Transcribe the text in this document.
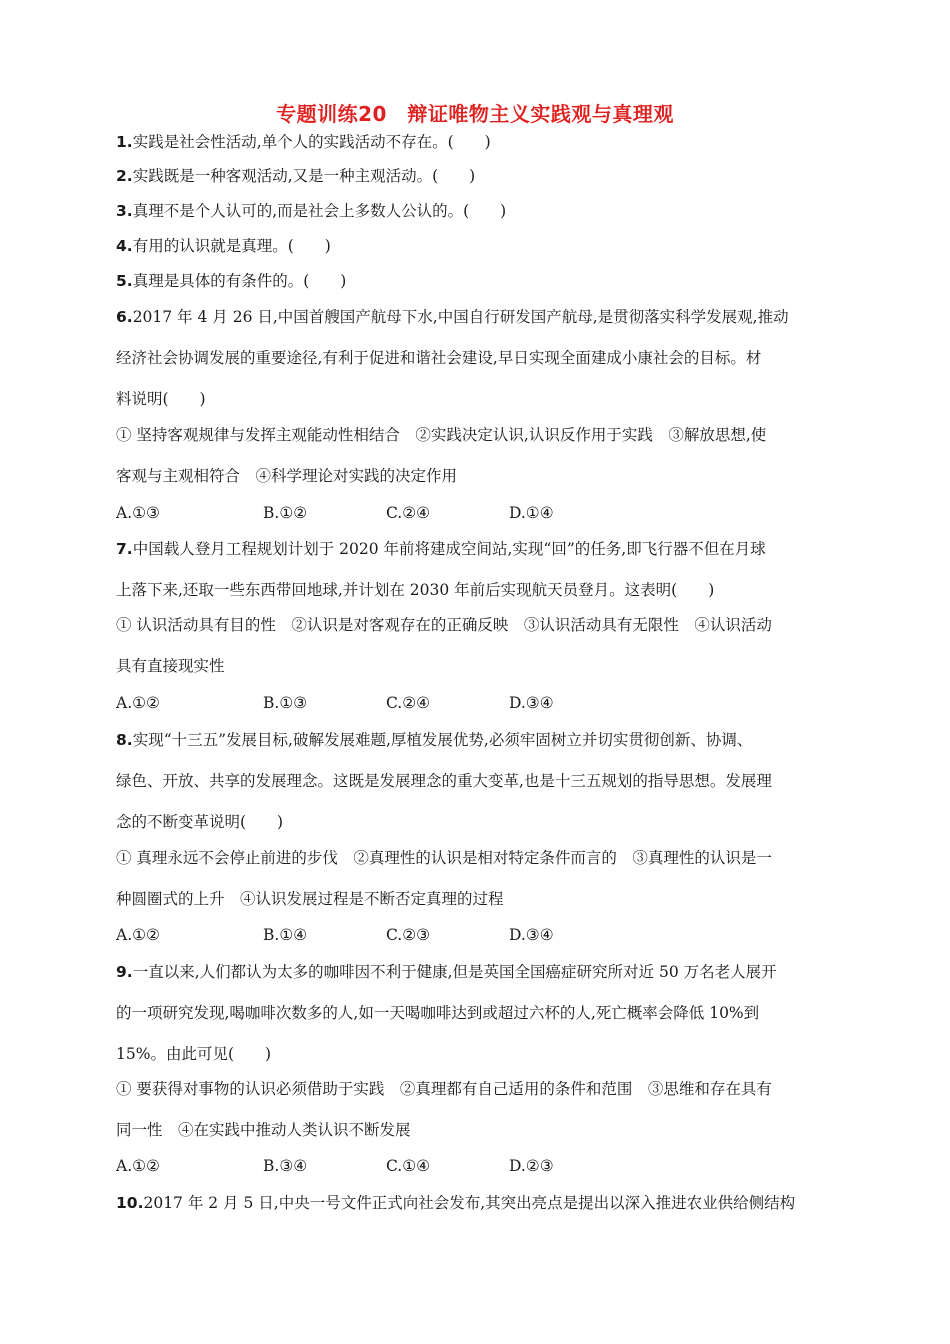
专题训练20　辩证唯物主义实践观与真理观
1.实践是社会性活动,单个人的实践活动不存在。(　　)
2.实践既是一种客观活动,又是一种主观活动。(　　)
3.真理不是个人认可的,而是社会上多数人公认的。(　　)
4.有用的认识就是真理。(　　)
5.真理是具体的有条件的。(　　)
6.2017 年 4 月 26 日,中国首艘国产航母下水,中国自行研发国产航母,是贯彻落实科学发展观,推动
经济社会协调发展的重要途径,有利于促进和谐社会建设,早日实现全面建成小康社会的目标。材
料说明(　　)
① 坚持客观规律与发挥主观能动性相结合　②实践决定认识,认识反作用于实践　③解放思想,使
客观与主观相符合　④科学理论对实践的决定作用
A.①③	B.①②	C.②④	D.①④
7.中国载人登月工程规划计划于 2020 年前将建成空间站,实现“回”的任务,即飞行器不但在月球
上落下来,还取一些东西带回地球,并计划在 2030 年前后实现航天员登月。这表明(　　)
① 认识活动具有目的性　②认识是对客观存在的正确反映　③认识活动具有无限性　④认识活动
具有直接现实性
A.①②	B.①③	C.②④	D.③④
8.实现“十三五”发展目标,破解发展难题,厚植发展优势,必须牢固树立并切实贯彻创新、协调、
绿色、开放、共享的发展理念。这既是发展理念的重大变革,也是十三五规划的指导思想。发展理
念的不断变革说明(　　)
① 真理永远不会停止前进的步伐　②真理性的认识是相对特定条件而言的　③真理性的认识是一
种圆圈式的上升　④认识发展过程是不断否定真理的过程
A.①②	B.①④	C.②③	D.③④
9.一直以来,人们都认为太多的咖啡因不利于健康,但是英国全国癌症研究所对近 50 万名老人展开
的一项研究发现,喝咖啡次数多的人,如一天喝咖啡达到或超过六杯的人,死亡概率会降低 10%到
15%。由此可见(　　)
① 要获得对事物的认识必须借助于实践　②真理都有自己适用的条件和范围　③思维和存在具有
同一性　④在实践中推动人类认识不断发展
A.①②	B.③④	C.①④	D.②③
10.2017 年 2 月 5 日,中央一号文件正式向社会发布,其突出亮点是提出以深入推进农业供给侧结构
